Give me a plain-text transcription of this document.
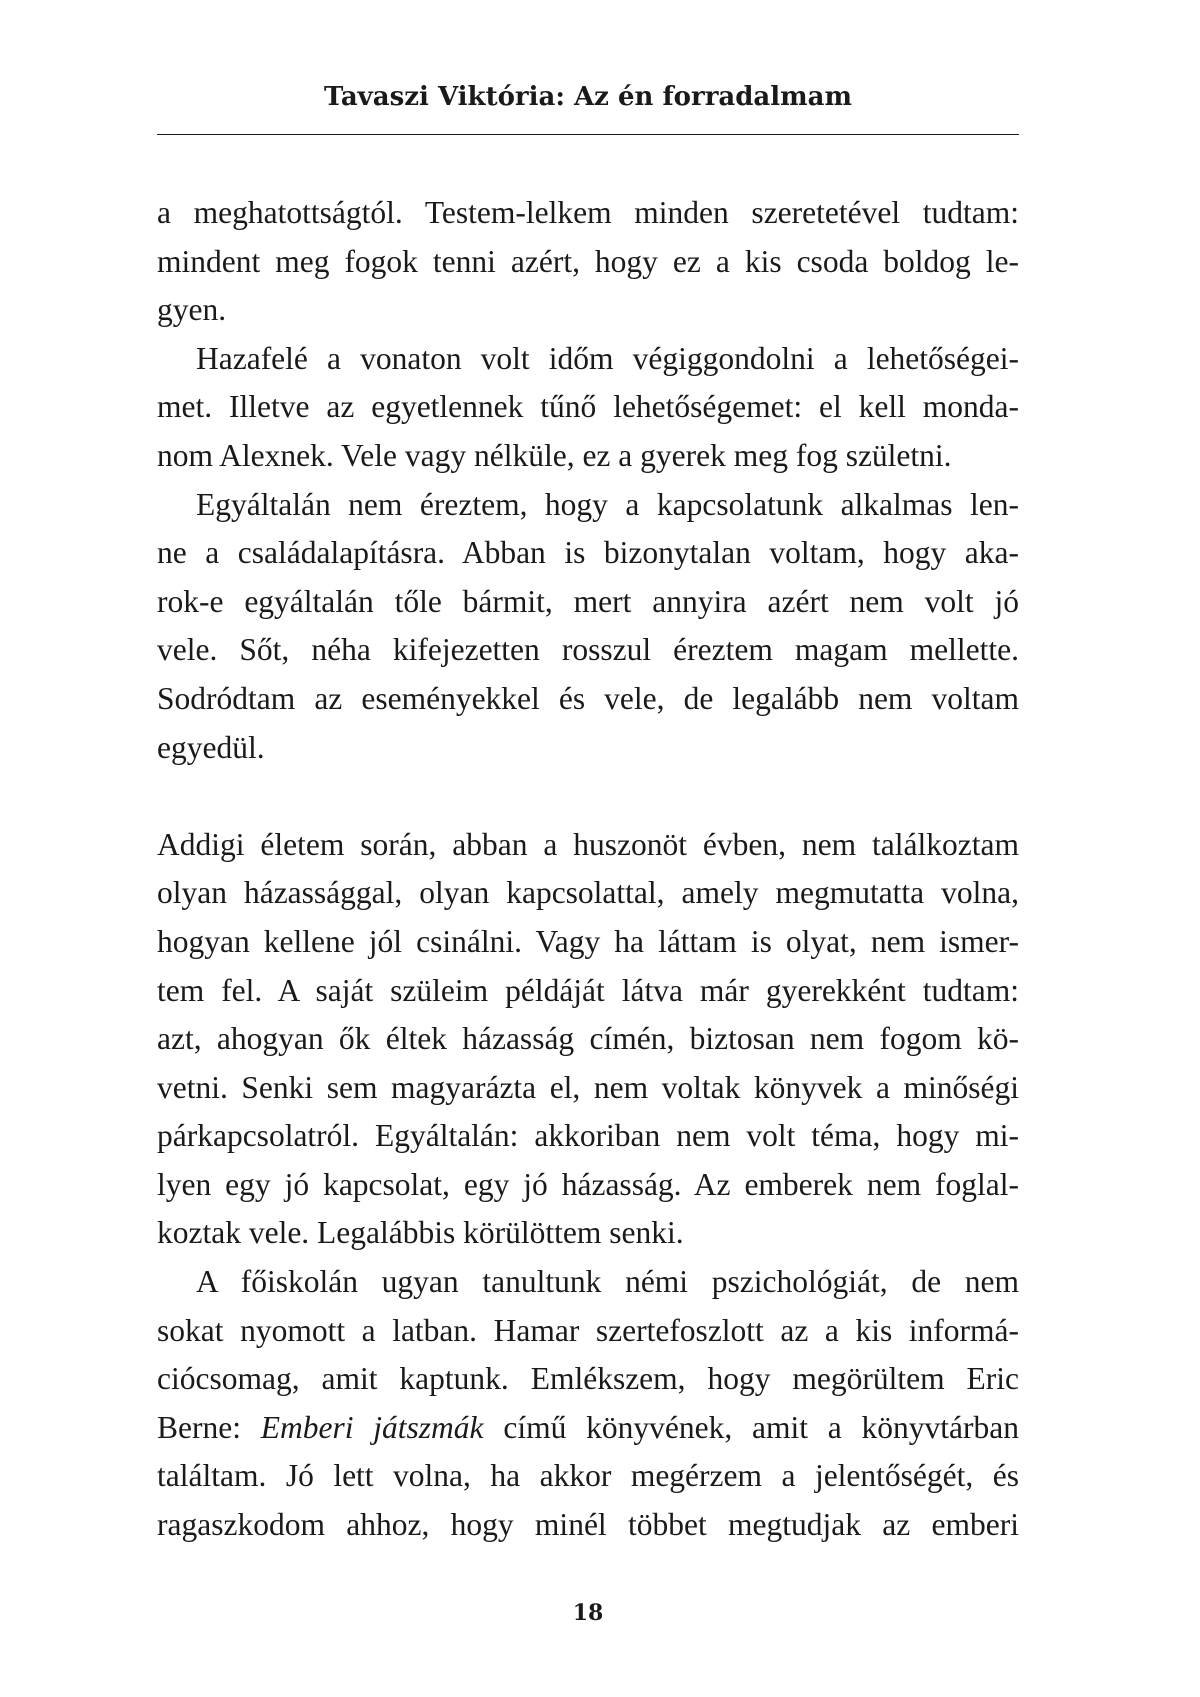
Tavaszi Viktória: Az én forradalmam
a meghatottságtól. Testem-lelkem minden szeretetével tudtam:
mindent meg fogok tenni azért, hogy ez a kis csoda boldog le-
gyen.
Hazafelé a vonaton volt időm végiggondolni a lehetőségei-
met. Illetve az egyetlennek tűnő lehetőségemet: el kell monda-
nom Alexnek. Vele vagy nélküle, ez a gyerek meg fog születni.
Egyáltalán nem éreztem, hogy a kapcsolatunk alkalmas len-
ne a családalapításra. Abban is bizonytalan voltam, hogy aka-
rok-e egyáltalán tőle bármit, mert annyira azért nem volt jó
vele. Sőt, néha kifejezetten rosszul éreztem magam mellette.
Sodródtam az eseményekkel és vele, de legalább nem voltam
egyedül.
Addigi életem során, abban a huszonöt évben, nem találkoztam
olyan házassággal, olyan kapcsolattal, amely megmutatta volna,
hogyan kellene jól csinálni. Vagy ha láttam is olyat, nem ismer-
tem fel. A saját szüleim példáját látva már gyerekként tudtam:
azt, ahogyan ők éltek házasság címén, biztosan nem fogom kö-
vetni. Senki sem magyarázta el, nem voltak könyvek a minőségi
párkapcsolatról. Egyáltalán: akkoriban nem volt téma, hogy mi-
lyen egy jó kapcsolat, egy jó házasság. Az emberek nem foglal-
koztak vele. Legalábbis körülöttem senki.
A főiskolán ugyan tanultunk némi pszichológiát, de nem
sokat nyomott a latban. Hamar szertefoszlott az a kis informá-
ciócsomag, amit kaptunk. Emlékszem, hogy megörültem Eric
Berne: Emberi játszmák című könyvének, amit a könyvtárban
találtam. Jó lett volna, ha akkor megérzem a jelentőségét, és
ragaszkodom ahhoz, hogy minél többet megtudjak az emberi
18
